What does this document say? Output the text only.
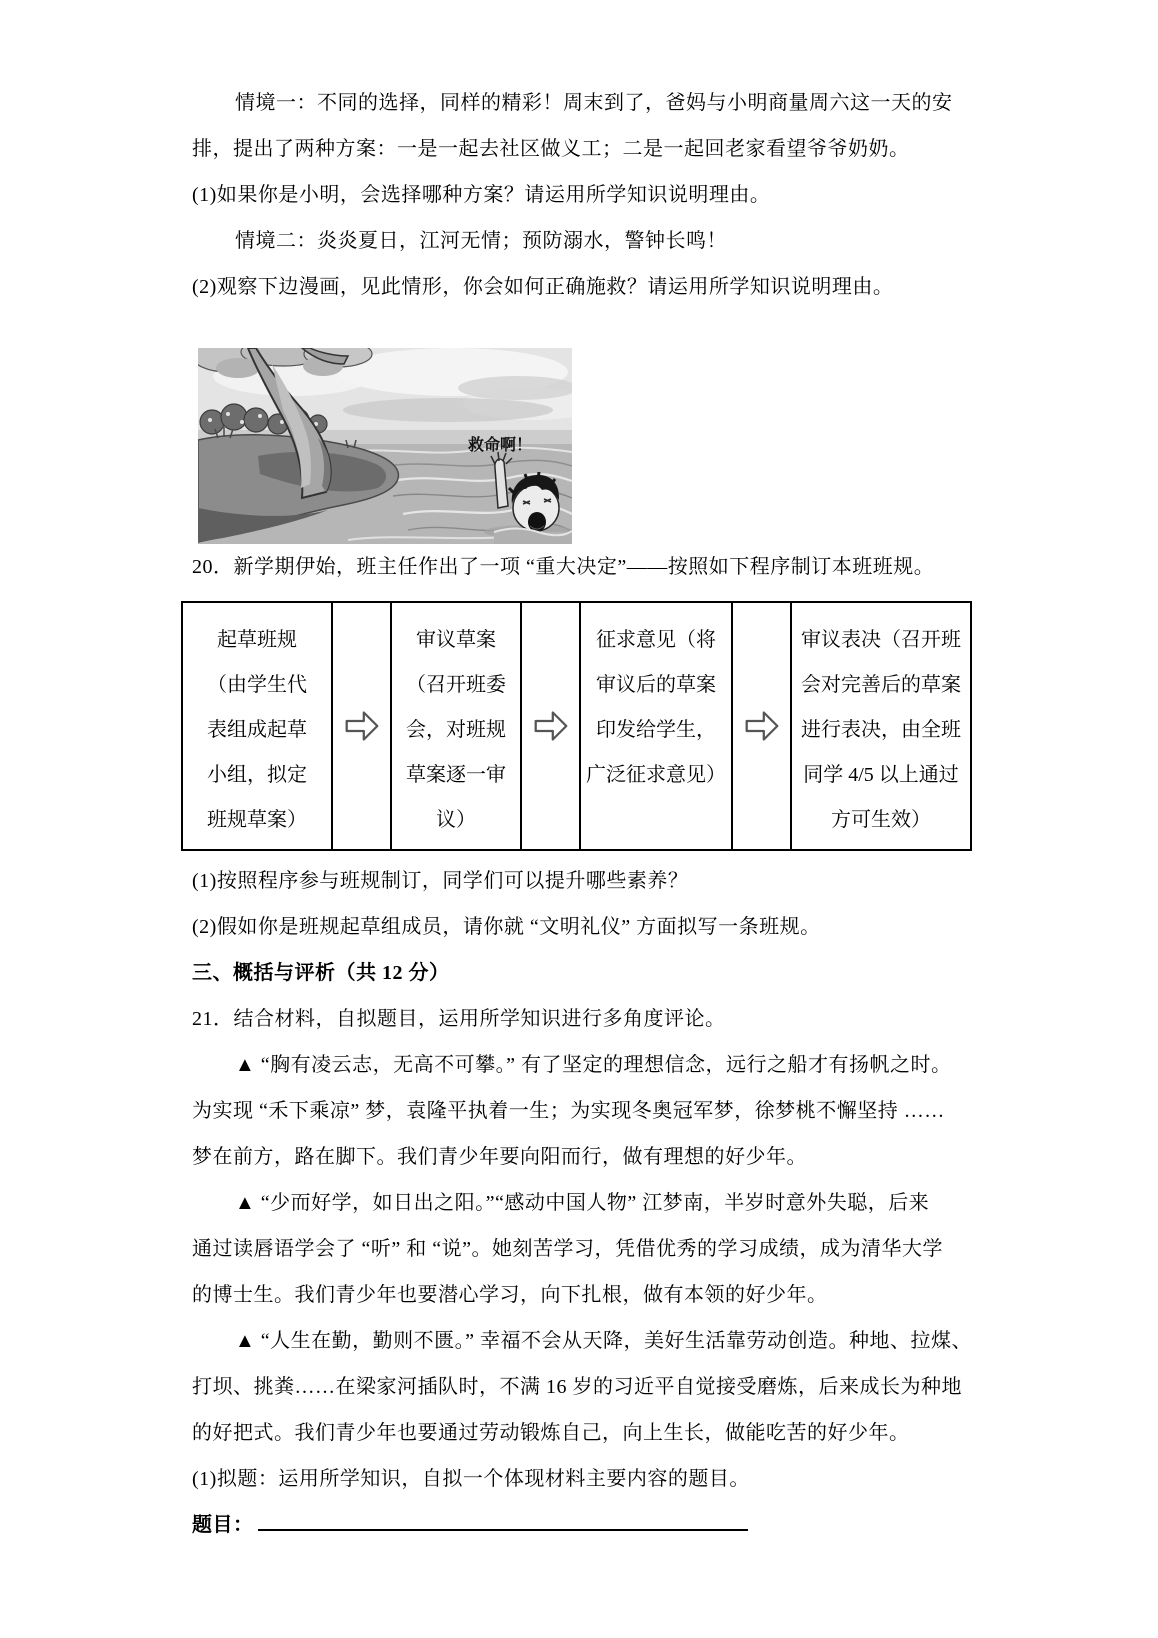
情境一：不同的选择，同样的精彩！周末到了，爸妈与小明商量周六这一天的安
排，提出了两种方案：一是一起去社区做义工；二是一起回老家看望爷爷奶奶。
(1)如果你是小明，会选择哪种方案？请运用所学知识说明理由。
情境二：炎炎夏日，江河无情；预防溺水，警钟长鸣！
(2)观察下边漫画，见此情形，你会如何正确施救？请运用所学知识说明理由。
救命啊！
20．新学期伊始，班主任作出了一项 “重大决定”——按照如下程序制订本班班规。
起草班规
（由学生代
表组成起草
小组，拟定
班规草案）
审议草案
（召开班委
会，对班规
草案逐一审
议）
征求意见（将
审议后的草案
印发给学生，
广泛征求意见）
审议表决（召开班
会对完善后的草案
进行表决，由全班
同学 4/5 以上通过
方可生效）
(1)按照程序参与班规制订，同学们可以提升哪些素养？
(2)假如你是班规起草组成员，请你就 “文明礼仪” 方面拟写一条班规。
三、概括与评析（共 12 分）
21．结合材料，自拟题目，运用所学知识进行多角度评论。
▲ “胸有凌云志，无高不可攀。” 有了坚定的理想信念，远行之船才有扬帆之时。
为实现 “禾下乘凉” 梦，袁隆平执着一生；为实现冬奥冠军梦，徐梦桃不懈坚持 ……
梦在前方，路在脚下。我们青少年要向阳而行，做有理想的好少年。
▲ “少而好学，如日出之阳。”“感动中国人物” 江梦南，半岁时意外失聪，后来
通过读唇语学会了 “听” 和 “说”。她刻苦学习，凭借优秀的学习成绩，成为清华大学
的博士生。我们青少年也要潜心学习，向下扎根，做有本领的好少年。
▲ “人生在勤，勤则不匮。” 幸福不会从天降，美好生活靠劳动创造。种地、拉煤、
打坝、挑粪……在梁家河插队时，不满 16 岁的习近平自觉接受磨炼，后来成长为种地
的好把式。我们青少年也要通过劳动锻炼自己，向上生长，做能吃苦的好少年。
(1)拟题：运用所学知识，自拟一个体现材料主要内容的题目。
题目：
